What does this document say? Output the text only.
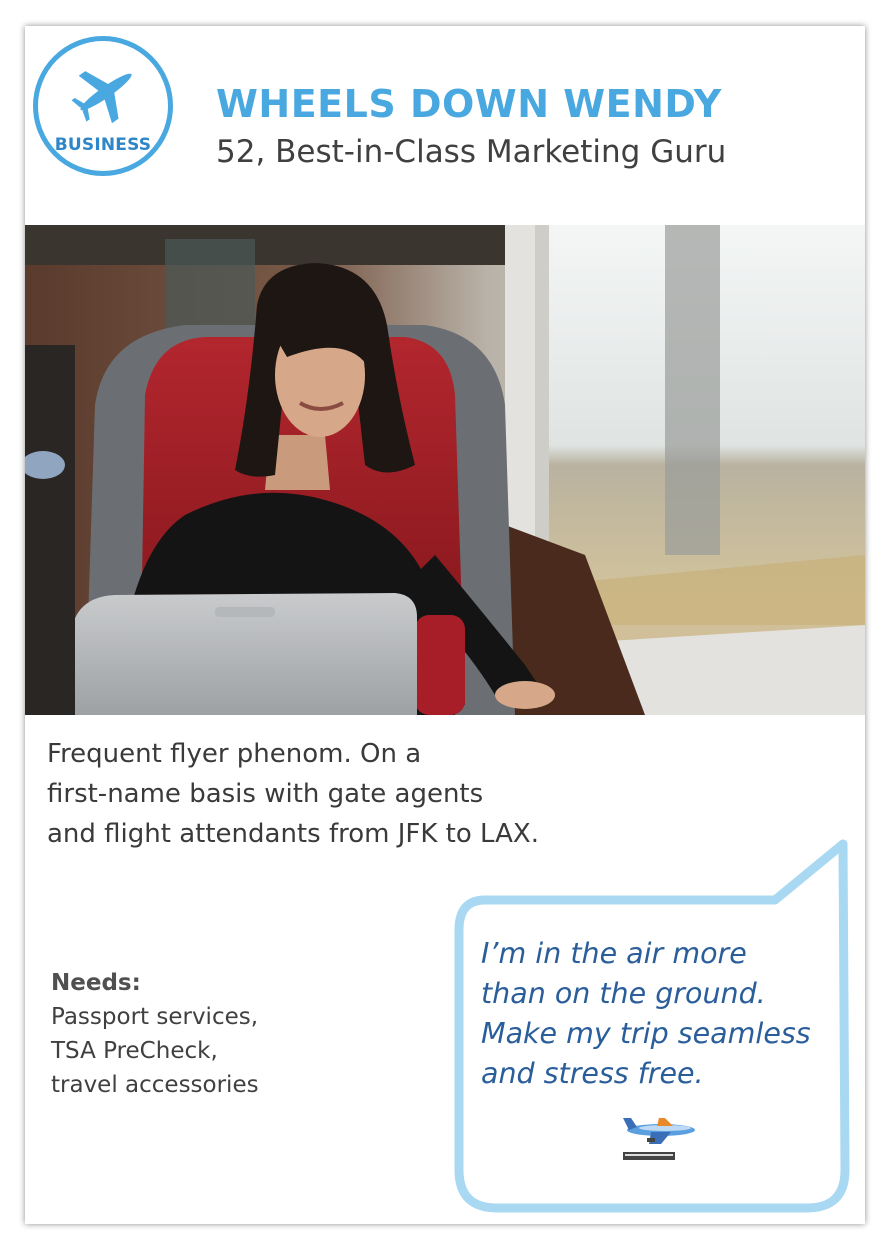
BUSINESS
WHEELS DOWN WENDY
52, Best-in-Class Marketing Guru
Frequent flyer phenom. On a
first-name basis with gate agents
and flight attendants from JFK to LAX.
Needs:
Passport services,
TSA PreCheck,
travel accessories
I’m in the air more
than on the ground.
Make my trip seamless
and stress free.
